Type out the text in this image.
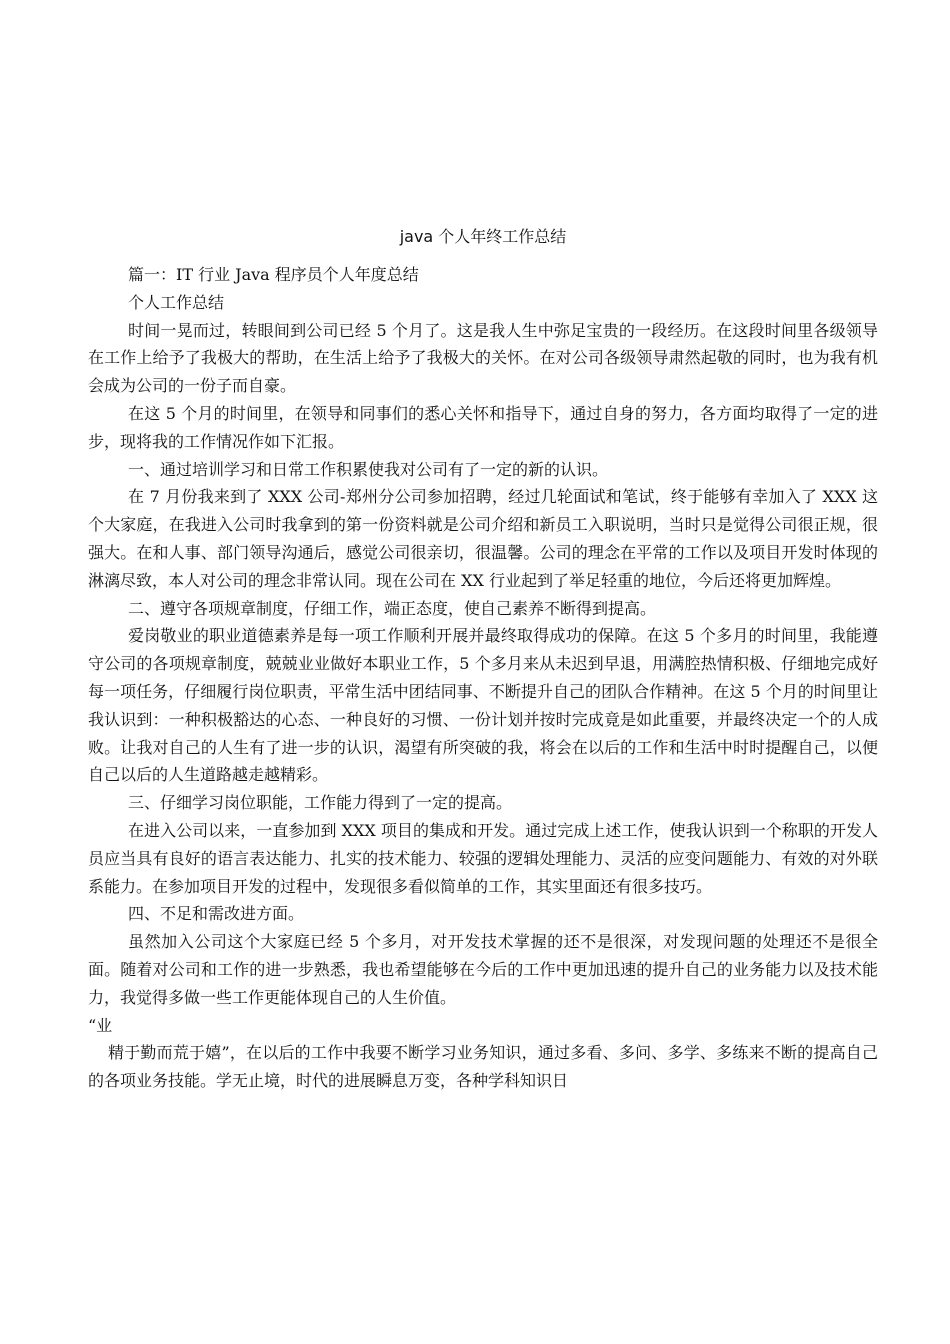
java 个人年终工作总结

篇一：IT 行业 Java 程序员个人年度总结

个人工作总结

时间一晃而过，转眼间到公司已经 5 个月了。这是我人生中弥足宝贵的一段经历。在这段时间里各级领导在工作上给予了我极大的帮助，在生活上给予了我极大的关怀。在对公司各级领导肃然起敬的同时，也为我有机会成为公司的一份子而自豪。

在这 5 个月的时间里，在领导和同事们的悉心关怀和指导下，通过自身的努力，各方面均取得了一定的进步，现将我的工作情况作如下汇报。

一、通过培训学习和日常工作积累使我对公司有了一定的新的认识。

在 7 月份我来到了 XXX 公司-郑州分公司参加招聘，经过几轮面试和笔试，终于能够有幸加入了 XXX 这个大家庭，在我进入公司时我拿到的第一份资料就是公司介绍和新员工入职说明，当时只是觉得公司很正规，很强大。在和人事、部门领导沟通后，感觉公司很亲切，很温馨。公司的理念在平常的工作以及项目开发时体现的淋漓尽致，本人对公司的理念非常认同。现在公司在 XX 行业起到了举足轻重的地位，今后还将更加辉煌。

二、遵守各项规章制度，仔细工作，端正态度，使自己素养不断得到提高。

爱岗敬业的职业道德素养是每一项工作顺利开展并最终取得成功的保障。在这 5 个多月的时间里，我能遵守公司的各项规章制度，兢兢业业做好本职业工作，5 个多月来从未迟到早退，用满腔热情积极、仔细地完成好每一项任务，仔细履行岗位职责，平常生活中团结同事、不断提升自己的团队合作精神。在这 5 个月的时间里让我认识到：一种积极豁达的心态、一种良好的习惯、一份计划并按时完成竟是如此重要，并最终决定一个的人成败。让我对自己的人生有了进一步的认识，渴望有所突破的我，将会在以后的工作和生活中时时提醒自己，以便自己以后的人生道路越走越精彩。

三、仔细学习岗位职能，工作能力得到了一定的提高。

在进入公司以来，一直参加到 XXX 项目的集成和开发。通过完成上述工作，使我认识到一个称职的开发人员应当具有良好的语言表达能力、扎实的技术能力、较强的逻辑处理能力、灵活的应变问题能力、有效的对外联系能力。在参加项目开发的过程中，发现很多看似简单的工作，其实里面还有很多技巧。

四、不足和需改进方面。

虽然加入公司这个大家庭已经 5 个多月，对开发技术掌握的还不是很深，对发现问题的处理还不是很全面。随着对公司和工作的进一步熟悉，我也希望能够在今后的工作中更加迅速的提升自己的业务能力以及技术能力，我觉得多做一些工作更能体现自己的人生价值。

“业

精于勤而荒于嬉”，在以后的工作中我要不断学习业务知识，通过多看、多问、多学、多练来不断的提高自己的各项业务技能。学无止境，时代的进展瞬息万变，各种学科知识日
